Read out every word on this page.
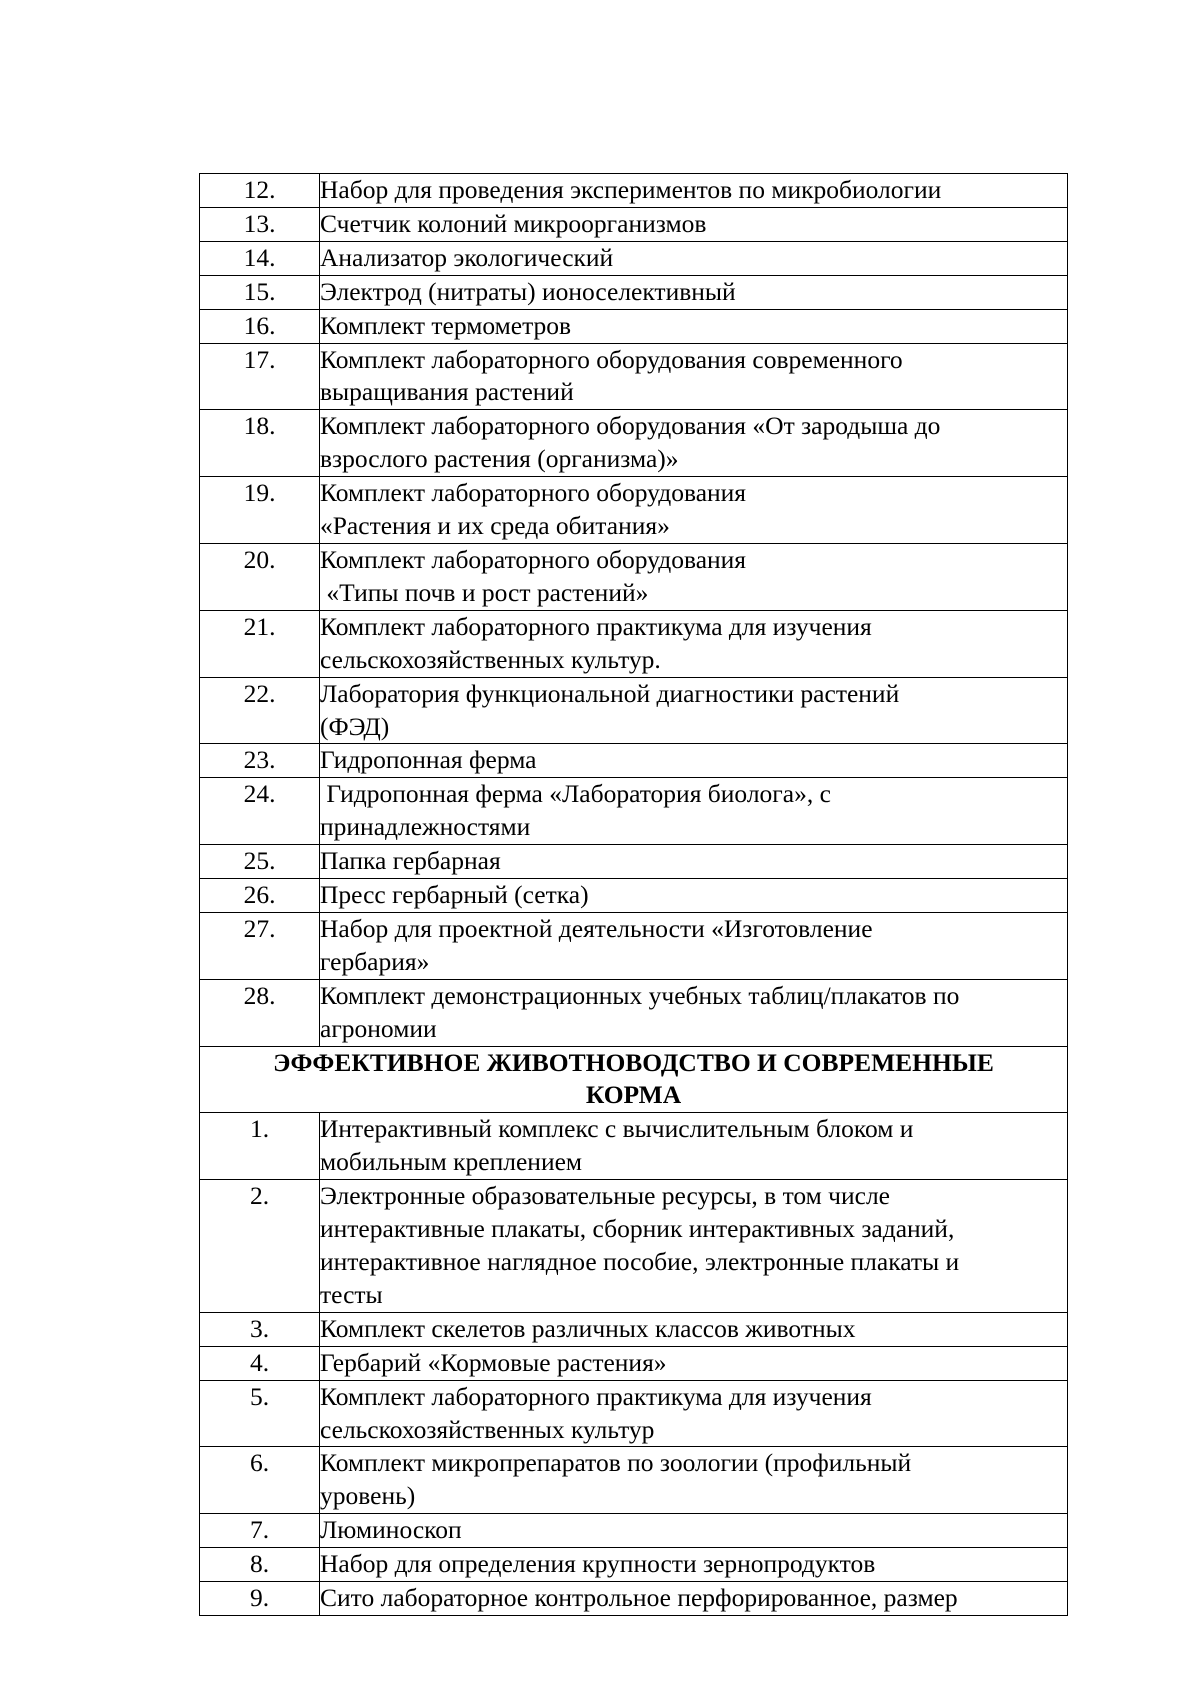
12.	Набор для проведения экспериментов по микробиологии

13.	Счетчик колоний микроорганизмов

14.	Анализатор экологический

15.	Электрод (нитраты) ионоселективный

16.	Комплект термометров

17.	Комплект лабораторного оборудования современного
выращивания растений

18.	Комплект лабораторного оборудования «От зародыша до
взрослого растения (организма)»

19.	Комплект лабораторного оборудования
«Растения и их среда обитания»

20.	Комплект лабораторного оборудования
«Типы почв и рост растений»

21.	Комплект лабораторного практикума для изучения
сельскохозяйственных культур.

22.	Лаборатория функциональной диагностики растений
(ФЭД)

23.	Гидропонная ферма

24.	Гидропонная ферма «Лаборатория биолога», с
принадлежностями

25.	Папка гербарная

26.	Пресс гербарный (сетка)

27.	Набор для проектной деятельности «Изготовление
гербария»

28.	Комплект демонстрационных учебных таблиц/плакатов по
агрономии

ЭФФЕКТИВНОЕ ЖИВОТНОВОДСТВО И СОВРЕМЕННЫЕ
КОРМА	

1.	Интерактивный комплекс с вычислительным блоком и
мобильным креплением

2.	Электронные образовательные ресурсы, в том числе
интерактивные плакаты, сборник интерактивных заданий,
интерактивное наглядное пособие, электронные плакаты и
тесты

3.	Комплект скелетов различных классов животных

4.	Гербарий «Кормовые растения»

5.	Комплект лабораторного практикума для изучения
сельскохозяйственных культур

6.	Комплект микропрепаратов по зоологии (профильный
уровень)

7.	Люминоскоп

8.	Набор для определения крупности зернопродуктов

9.	Сито лабораторное контрольное перфорированное, размер
